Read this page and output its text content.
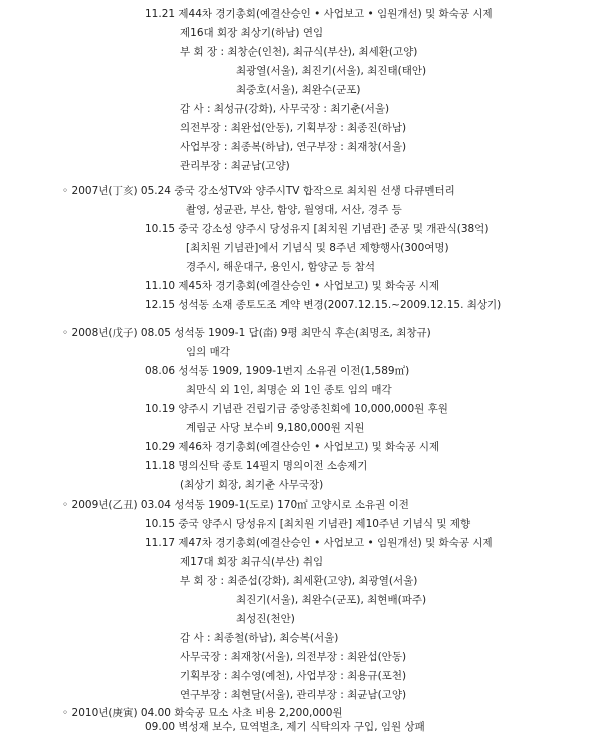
11.21 제44차 경기총회(예결산승인 • 사업보고 • 임원개선) 및 화숙공 시제
제16대 회장 최상기(하남) 연임
부 회 장 : 최창순(인천), 최규식(부산), 최세환(고양)
최광열(서울), 최진기(서울), 최진태(태안)
최중호(서울), 최완수(군포)
감 사 : 최성규(강화), 사무국장 : 최기춘(서울)
의전부장 : 최완섭(안동), 기획부장 : 최종진(하남)
사업부장 : 최종복(하남), 연구부장 : 최재창(서울)
관리부장 : 최균남(고양)
◦ 2007년(丁亥) 05.24 중국 강소성TV와 양주시TV 합작으로 최치원 선생 다큐멘터리
촬영, 성균관, 부산, 함양, 월영대, 서산, 경주 등
10.15 중국 강소성 양주시 당성유지 [최치원 기념관] 준공 및 개관식(38억)
[최치원 기념관]에서 기념식 및 8주년 제향행사(300여명)
경주시, 해운대구, 용인시, 함양군 등 참석
11.10 제45차 경기총회(예결산승인 • 사업보고) 및 화숙공 시제
12.15 성석동 소재 종토도조 계약 변경(2007.12.15.~2009.12.15. 최상기)
◦ 2008년(戊子) 08.05 성석동 1909-1 답(畓) 9평 최만식 후손(최명조, 최창규)
임의 매각
08.06 성석동 1909, 1909-1번지 소유권 이전(1,589㎡)
최만식 외 1인, 최명순 외 1인 종토 임의 매각
10.19 양주시 기념관 건립기금 중앙종친회에 10,000,000원 후원
계림군 사당 보수비 9,180,000원 지원
10.29 제46차 경기총회(예결산승인 • 사업보고) 및 화숙공 시제
11.18 명의신탁 종토 14필지 명의이전 소송제기
(최상기 회장, 최기춘 사무국장)
◦ 2009년(乙丑) 03.04 성석동 1909-1(도로) 170㎡ 고양시로 소유권 이전
10.15 중국 양주시 당성유지 [최치원 기념관] 제10주년 기념식 및 제향
11.17 제47차 경기총회(예결산승인 • 사업보고 • 임원개선) 및 화숙공 시제
제17대 회장 최규식(부산) 취임
부 회 장 : 최준섭(강화), 최세환(고양), 최광열(서울)
최진기(서울), 최완수(군포), 최현배(파주)
최성진(천안)
감 사 : 최종철(하남), 최승복(서울)
사무국장 : 최재창(서울), 의전부장 : 최완섭(안동)
기획부장 : 최수영(예천), 사업부장 : 최용규(포천)
연구부장 : 최현달(서울), 관리부장 : 최균남(고양)
◦ 2010년(庚寅) 04.00 화숙공 묘소 사초 비용 2,200,000원
09.00 벽성재 보수, 묘역벌초, 제기 식탁의자 구입, 임원 상패
